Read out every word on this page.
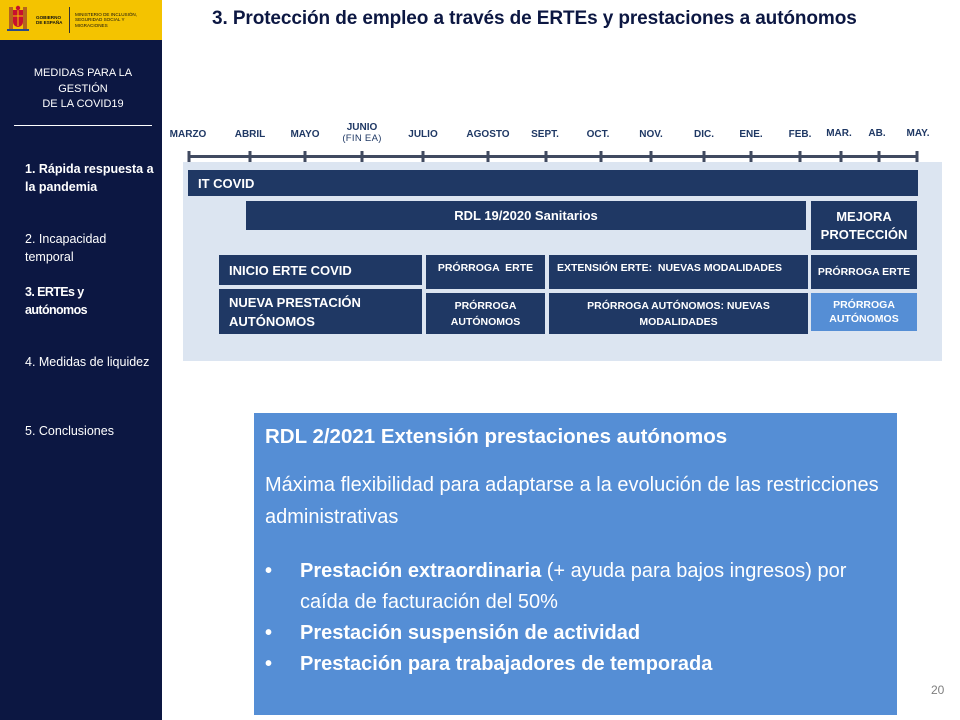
GOBIERNO DE ESPAÑA
MINISTERIO DE INCLUSIÓN, SEGURIDAD SOCIAL Y MIGRACIONES
MEDIDAS PARA LA
GESTIÓN
DE LA COVID19
1. Rápida respuesta a la pandemia
2. Incapacidad temporal
3. ERTEs y autónomos
4. Medidas de liquidez
5. Conclusiones
3. Protección de empleo a través de ERTEs y prestaciones a autónomos
MARZO	ABRIL	MAYO
JUNIO
(FIN EA)	JULIO	AGOSTO SEPT.	OCT.	NOV.	DIC.	ENE.	FEB. MAR. AB. MAY.
IT COVID
RDL 19/2020 Sanitarios	MEJORA PROTECCIÓN
INICIO ERTE COVID	PRÓRROGA  ERTE	EXTENSIÓN ERTE:  NUEVAS MODALIDADES	PRÓRROGA ERTE
NUEVA PRESTACIÓN AUTÓNOMOS
PRÓRROGA AUTÓNOMOS
PRÓRROGA AUTÓNOMOS: NUEVAS MODALIDADES
PRÓRROGA AUTÓNOMOS
RDL 2/2021 Extensión prestaciones autónomos
Máxima flexibilidad para adaptarse a la evolución de las restricciones administrativas
• Prestación extraordinaria (+ ayuda para bajos ingresos) por caída de facturación del 50%
• Prestación suspensión de actividad
• Prestación para trabajadores de temporada
20
